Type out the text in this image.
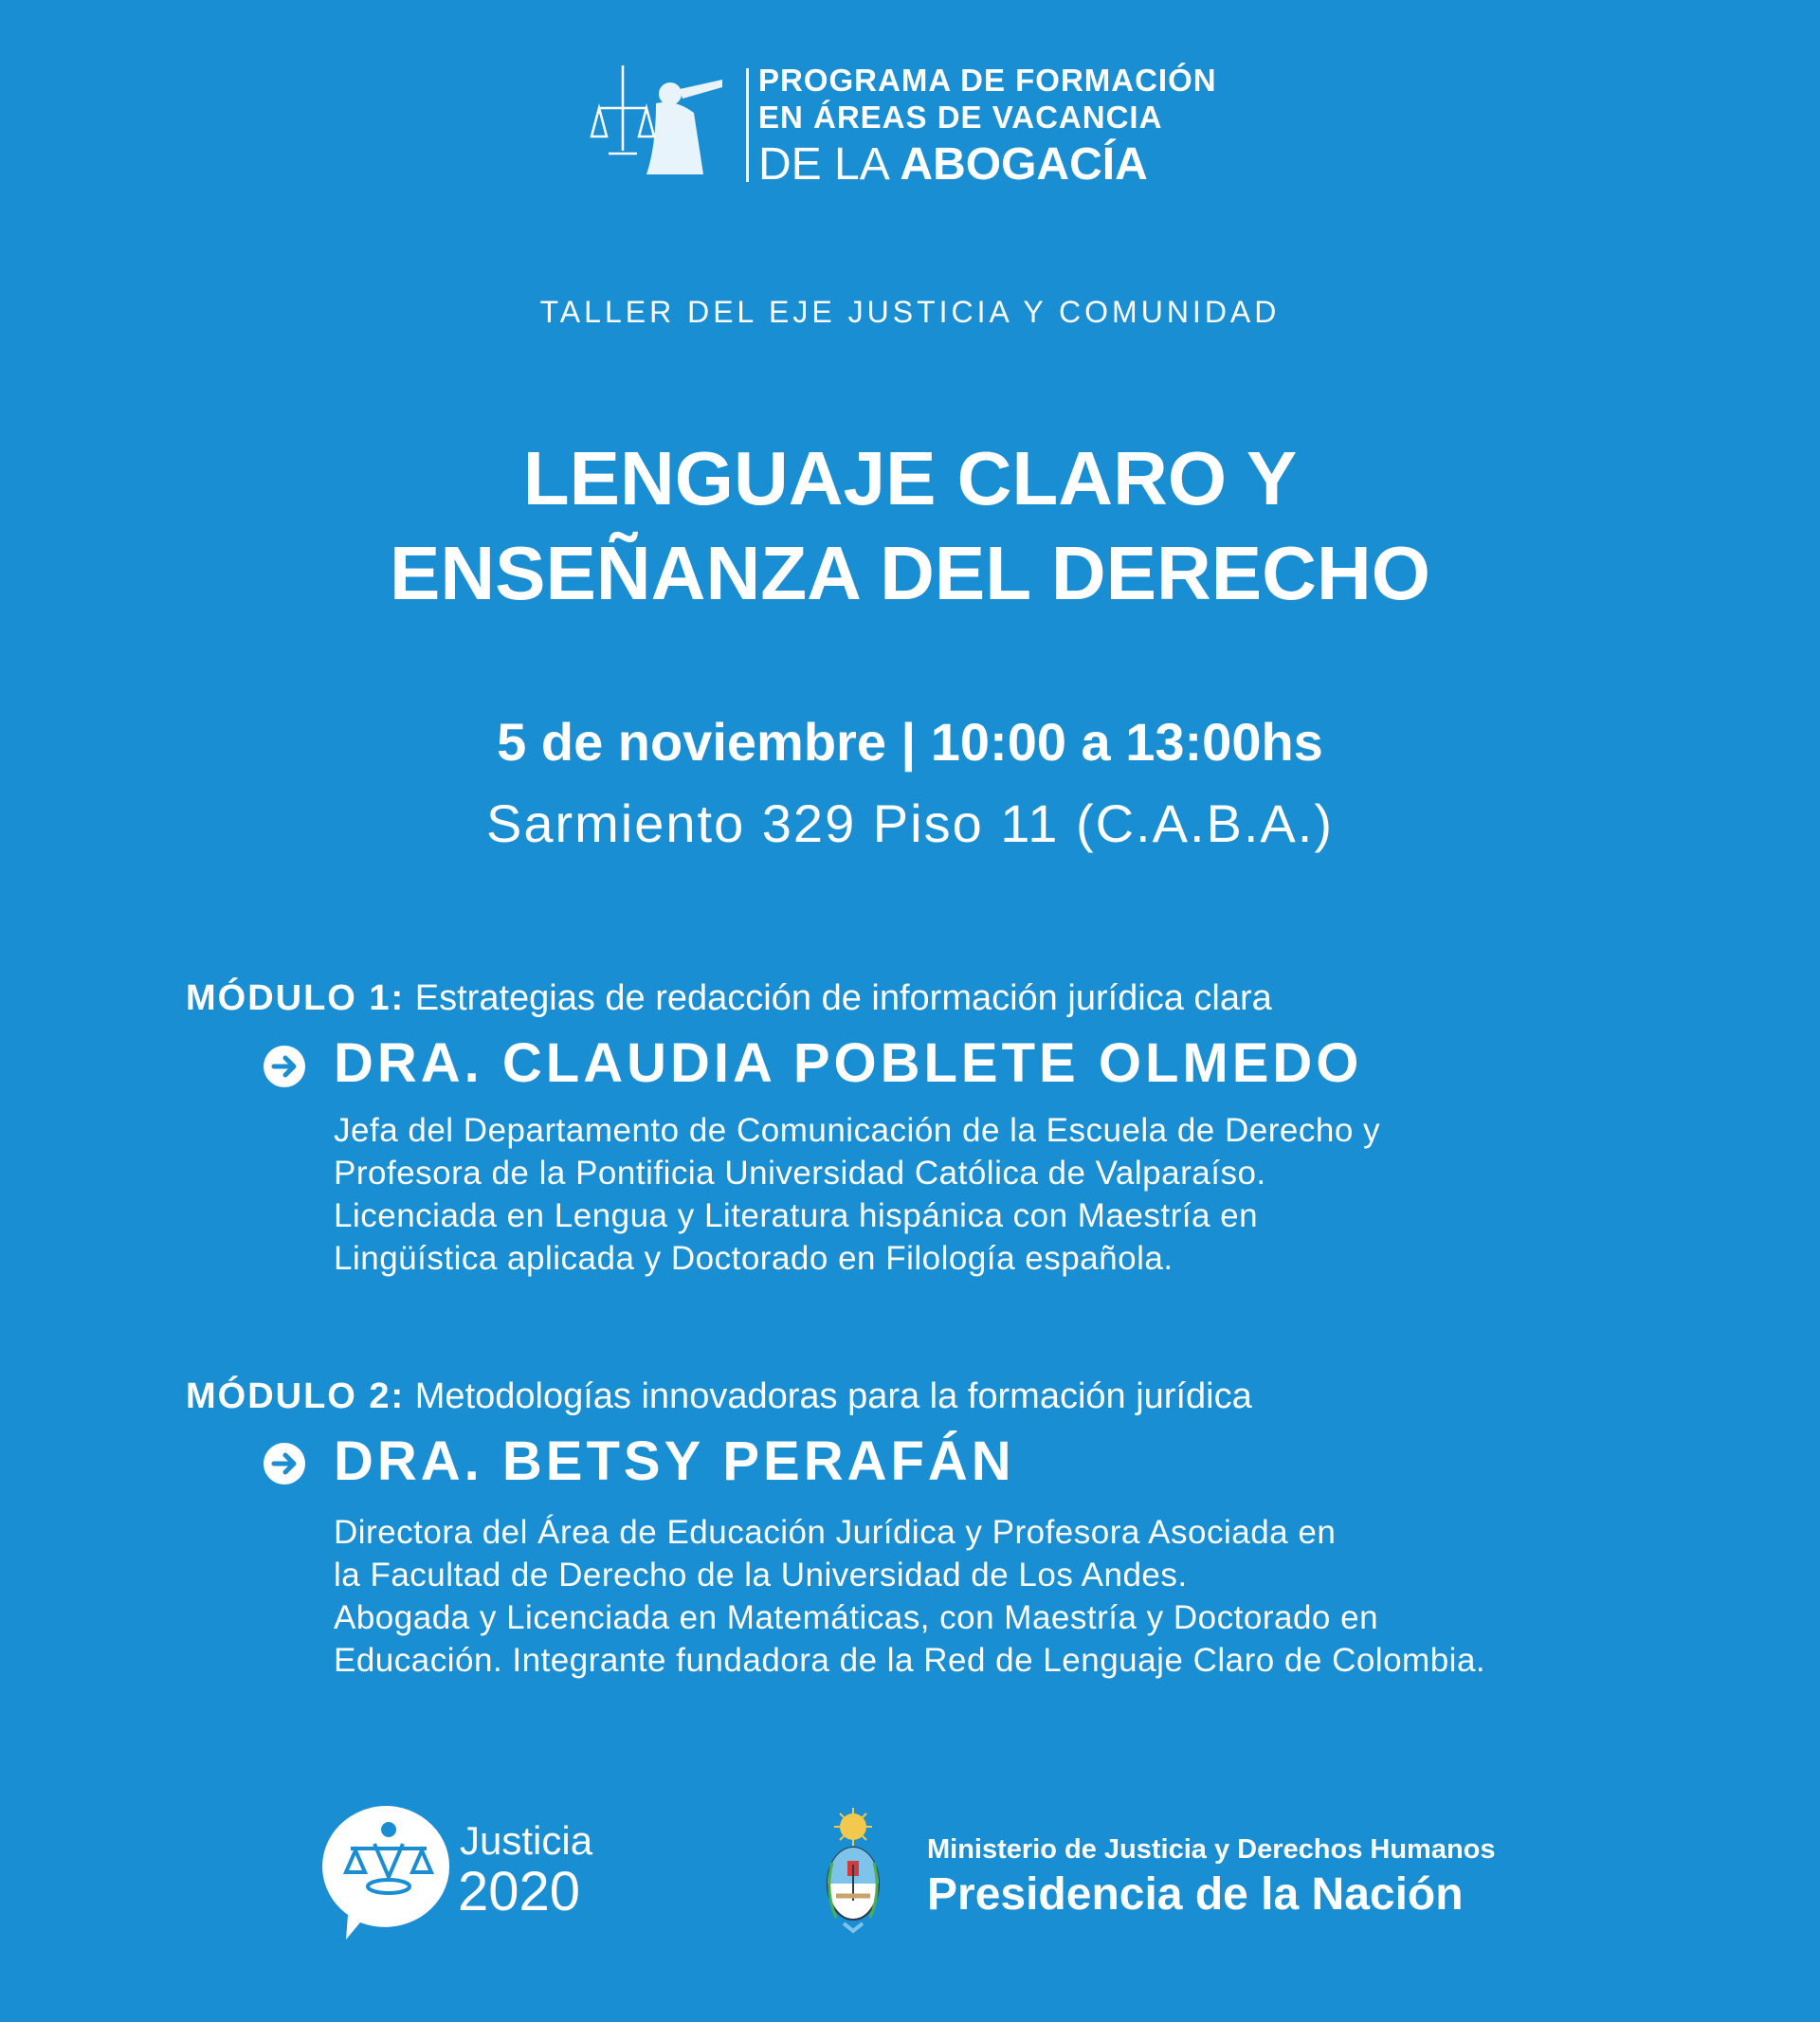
PROGRAMA DE FORMACIÓN
EN ÁREAS DE VACANCIA
DE LA ABOGACÍA
TALLER DEL EJE JUSTICIA Y COMUNIDAD
LENGUAJE CLARO Y
ENSEÑANZA DEL DERECHO
5 de noviembre | 10:00 a 13:00hs
Sarmiento 329 Piso 11 (C.A.B.A.)
MÓDULO 1: Estrategias de redacción de información jurídica clara
DRA. CLAUDIA POBLETE OLMEDO
Jefa del Departamento de Comunicación de la Escuela de Derecho y
Profesora de la Pontificia Universidad Católica de Valparaíso.
Licenciada en Lengua y Literatura hispánica con Maestría en
Lingüística aplicada y Doctorado en Filología española.
MÓDULO 2: Metodologías innovadoras para la formación jurídica
DRA. BETSY PERAFÁN
Directora del Área de Educación Jurídica y Profesora Asociada en
la Facultad de Derecho de la Universidad de Los Andes.
Abogada y Licenciada en Matemáticas, con Maestría y Doctorado en
Educación. Integrante fundadora de la Red de Lenguaje Claro de Colombia.
Justicia
2020
Ministerio de Justicia y Derechos Humanos
Presidencia de la Nación
